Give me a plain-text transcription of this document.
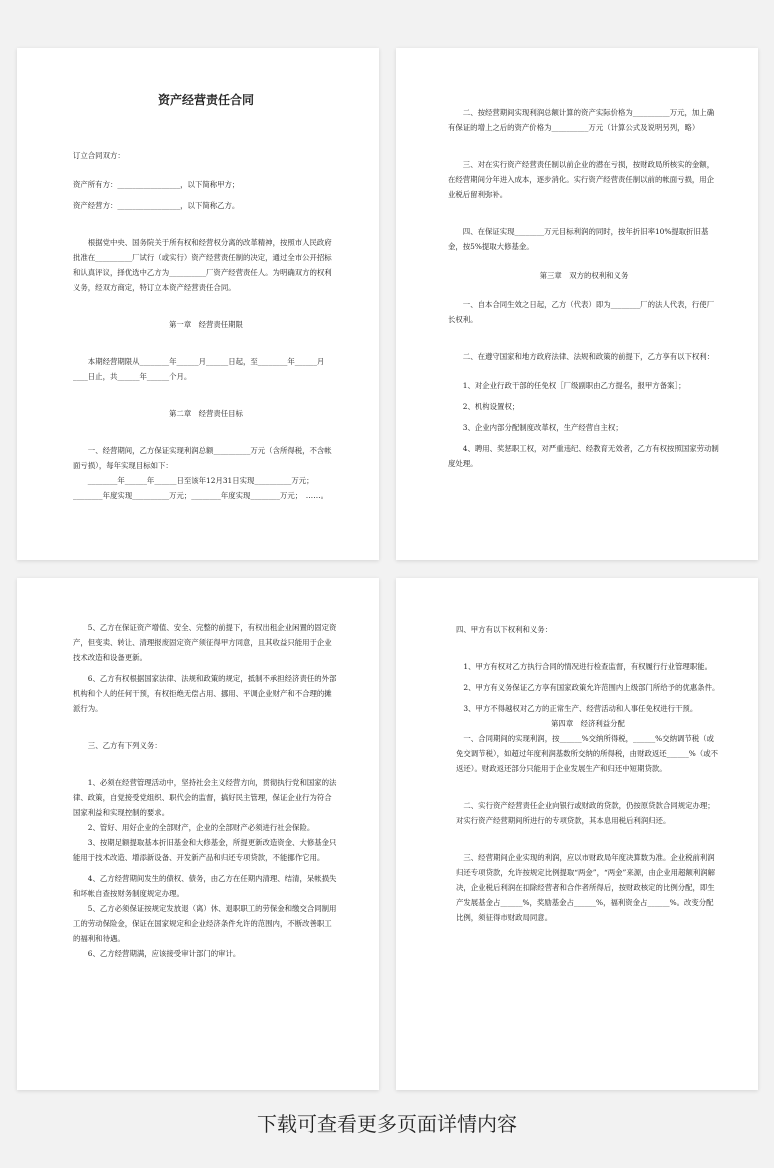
资产经营责任合同

订立合同双方：

资产所有方：_________________，以下简称甲方；

资产经营方：_________________，以下简称乙方。

根据党中央、国务院关于所有权和经营权分离的改革精神，按照市人民政府批准在__________厂试行（或实行）资产经营责任制的决定，通过全市公开招标和认真评议，择优选中乙方为__________厂资产经营责任人。为明确双方的权利义务，经双方商定，特订立本资产经营责任合同。

第一章　经营责任期限

本期经营期限从________年______月______日起，至________年______月____日止，共______年______个月。

第二章　经营责任目标

一、经营期间，乙方保证实现利润总额__________万元（含所得税，不含帐面亏损），每年实现目标如下：

________年______年______日至该年12月31日实现__________万元；________年度实现__________万元；________年度实现________万元；　……。

二、按经营期间实现利润总额计算的资产实际价格为__________万元，加上确有保证的增上之后的资产价格为__________万元（计算公式及说明另列，略）

三、对在实行资产经营责任制以前企业的潜在亏损，按财政局所核实的金额，在经营期间分年进入成本，逐步消化。实行资产经营责任制以前的帐面亏损，用企业税后留利弥补。

四、在保证实现________万元目标利润的同时，按年折旧率10%提取折旧基金，按5%提取大修基金。

第三章　双方的权利和义务

一、自本合同生效之日起，乙方（代表）即为________厂的法人代表，行使厂长权利。

二、在遵守国家和地方政府法律、法规和政策的前提下，乙方享有以下权利：

1、对企业行政干部的任免权［厂级副职由乙方提名，报甲方备案］；

2、机构设置权；

3、企业内部分配制度改革权，生产经营自主权；

4、聘用、奖惩职工权，对严重违纪、经教育无效者，乙方有权按照国家劳动制度处理。

5、乙方在保证资产增值、安全、完整的前提下，有权出租企业闲置的固定资产，但变卖、转让、清理报废固定资产须征得甲方同意，且其收益只能用于企业技术改造和设备更新。

6、乙方有权根据国家法律、法规和政策的规定，抵制不承担经济责任的外部机构和个人的任何干预，有权拒绝无偿占用、挪用、平调企业财产和不合理的摊派行为。

三、乙方有下列义务：

1、必须在经营管理活动中，坚持社会主义经营方向，贯彻执行党和国家的法律、政策，自觉接受党组织、职代会的监督，搞好民主管理，保证企业行为符合国家利益和实现控制的要求。

2、管好、用好企业的全部财产，企业的全部财产必须进行社会保险。

3、按期足额提取基本折旧基金和大修基金，所提更新改造资金、大修基金只能用于技术改造、增添新设备、开发新产品和归还专项贷款，不能挪作它用。

4、乙方经营期间发生的债权、债务，由乙方在任期内清理、结清，呆帐损失和坏帐自查按财务制度规定办理。

5、乙方必须保证按规定发放退（离）休、退职职工的劳保金和缴交合同制用工的劳动保险金，保证在国家规定和企业经济条件允许的范围内，不断改善职工的福利和待遇。

6、乙方经营期满，应该接受审计部门的审计。

四、甲方有以下权利和义务：

1、甲方有权对乙方执行合同的情况进行检查监督，有权履行行业管理职能。

2、甲方有义务保证乙方享有国家政策允许范围内上级部门所给予的优惠条件。

3、甲方不得越权对乙方的正常生产、经营活动和人事任免权进行干预。

第四章　经济利益分配

一、合同期间的实现利润，按______%交纳所得税，______%交纳调节税（或免交调节税），如超过年度利润基数所交纳的所得税，由财政返还______%（或不返还）。财政返还部分只能用于企业发展生产和归还中短期贷款。

二、实行资产经营责任企业向银行或财政的贷款，仍按原贷款合同规定办理；对实行资产经营期间所进行的专项贷款，其本息用税后利润归还。

三、经营期间企业实现的利润，应以市财政局年度决算数为准。企业税前利润归还专项贷款，允许按规定比例提取“两金”，“两金”来源，由企业用超额利润解决，企业税后利润在扣除经营者和合作者所得后，按财政核定的比例分配，即生产发展基金占______%，奖励基金占______%，福利资金占______%。改变分配比例，须征得市财政局同意。

下载可查看更多页面详情内容
